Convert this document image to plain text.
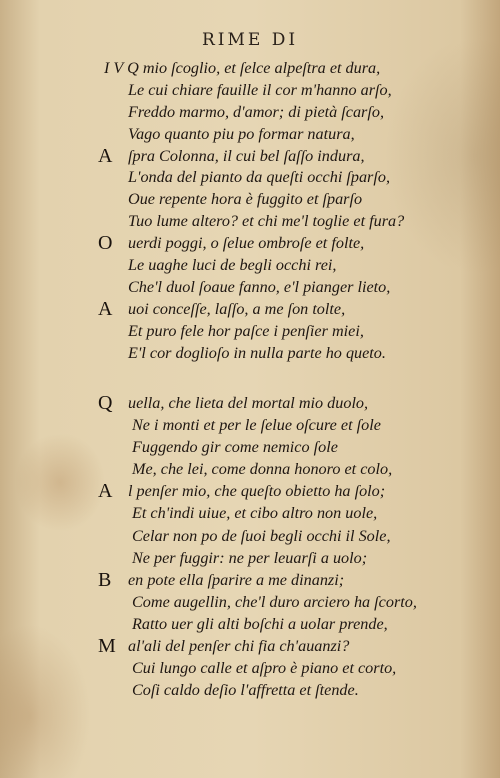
RIME DI
I V Q mio ſcoglio, et ſelce alpeſtra et dura,
Le cui chiare fauille il cor m'hanno arſo,
Freddo marmo, d'amor; di pietà ſcarſo,
Vago quanto piu po formar natura,
A ſpra Colonna, il cui bel ſaſſo indura,
L'onda del pianto da queſti occhi ſparſo,
Oue repente hora è fuggito et ſparſo
Tuo lume altero? et chi me'l toglie et fura?
O uerdi poggi, o ſelue ombroſe et folte,
Le uaghe luci de begli occhi rei,
Che'l duol ſoaue fanno, e'l pianger lieto,
A uoi conceſſe, laſſo, a me ſon tolte,
Et puro fele hor paſce i penſier miei,
E'l cor doglioſo in nulla parte ho queto.
Q uella, che lieta del mortal mio duolo,
Ne i monti et per le ſelue oſcure et ſole
Fuggendo gir come nemico ſole
Me, che lei, come donna honoro et colo,
A l penſer mio, che queſto obietto ha ſolo;
Et ch'indi uiue, et cibo altro non uole,
Celar non po de ſuoi begli occhi il Sole,
Ne per fuggir: ne per leuarſi a uolo;
B en pote ella ſparire a me dinanzi;
Come augellin, che'l duro arciero ha ſcorto,
Ratto uer gli alti boſchi a uolar prende,
M al'ali del penſer chi fia ch'auanzi?
Cui lungo calle et aſpro è piano et corto,
Coſi caldo deſio l'affretta et ſtende.
